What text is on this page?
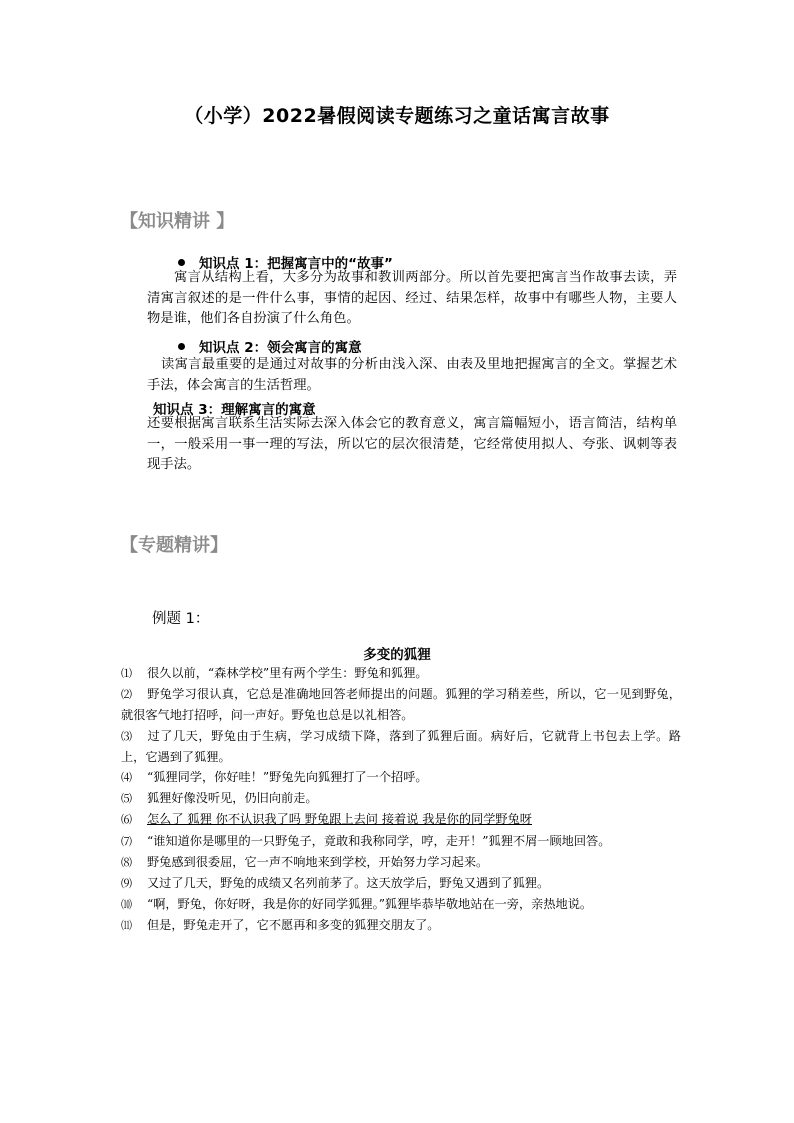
（小学）2022暑假阅读专题练习之童话寓言故事
【知识精讲 】
知识点 1：把握寓言中的“故事”

寓言从结构上看，大多分为故事和教训两部分。所以首先要把寓言当作故事去读，弄清寓言叙述的是一件什么事，事情的起因、经过、结果怎样，故事中有哪些人物，主要人物是谁，他们各自扮演了什么角色。

知识点 2：领会寓言的寓意

读寓言最重要的是通过对故事的分析由浅入深、由表及里地把握寓言的全文。掌握艺术手法，体会寓言的生活哲理。

知识点 3：理解寓言的寓意

还要根据寓言联系生活实际去深入体会它的教育意义，寓言篇幅短小，语言简洁，结构单一，一般采用一事一理的写法，所以它的层次很清楚，它经常使用拟人、夸张、讽刺等表现手法。

【专题精讲】
例题 1：
多变的狐狸
⑴ 很久以前，“森林学校”里有两个学生：野兔和狐狸。
⑵ 野兔学习很认真，它总是准确地回答老师提出的问题。狐狸的学习稍差些，所以，它一见到野兔，就很客气地打招呼，问一声好。野兔也总是以礼相答。
⑶ 过了几天，野兔由于生病，学习成绩下降，落到了狐狸后面。病好后，它就背上书包去上学。路上，它遇到了狐狸。
⑷ “狐狸同学，你好哇！”野兔先向狐狸打了一个招呼。
⑸ 狐狸好像没听见，仍旧向前走。
⑹ 怎么了 狐狸 你不认识我了吗 野兔跟上去问 接着说 我是你的同学野兔呀
⑺ “谁知道你是哪里的一只野兔子，竟敢和我称同学，哼，走开！”狐狸不屑一顾地回答。
⑻ 野兔感到很委屈，它一声不响地来到学校，开始努力学习起来。
⑼ 又过了几天，野兔的成绩又名列前茅了。这天放学后，野兔又遇到了狐狸。
⑽ “啊，野兔，你好呀，我是你的好同学狐狸。”狐狸毕恭毕敬地站在一旁，亲热地说。
⑾ 但是，野兔走开了，它不愿再和多变的狐狸交朋友了。
